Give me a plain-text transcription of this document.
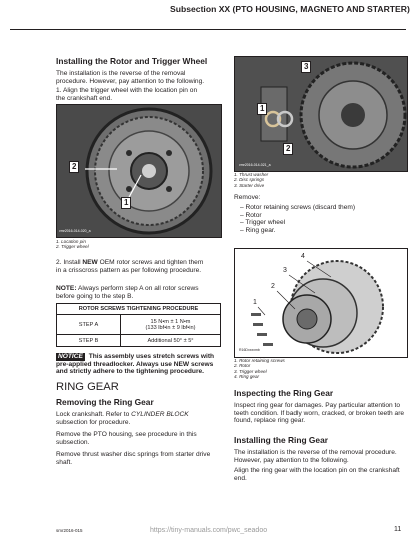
Subsection XX (PTO HOUSING, MAGNETO AND STARTER)
Installing the Rotor and Trigger Wheel

The installation is the reverse of the removal procedure. However, pay attention to the following.

1. Align the trigger wheel with the location pin on the crankshaft end.

2
1
vmr2016-014-020_a
1. Location pin
2. Trigger wheel

2. Install NEW OEM rotor screws and tighten them in a crisscross pattern as per following procedure.

NOTE: Always perform step A on all rotor screws before going to the step B.

ROTOR SCREWS TIGHTENING PROCEDURE	
STEP A	15 N•m ± 1 N•m
(133 lbf•in ± 9 lbf•in)

STEP B	Additional 50° ± 5°

NOTICE This assembly uses stretch screws with pre-applied threadlocker. Always use NEW screws and strictly adhere to the tightening procedure.

RING GEAR
Removing the Ring Gear

Lock crankshaft. Refer to CYLINDER BLOCK subsection for procedure.

Remove the PTO housing, see procedure in this subsection.

Remove thrust washer disc springs from starter drive shaft.

3
1
2
vmr2016-014-021_a
1. Thrust washer
2. Disc springs
3. Starter drive
Remove:
– Rotor retaining screws (discard them)
– Rotor
– Trigger wheel
– Ring gear.
1
2
3
4
R16Dxxxxmb
1. Rotor retaining screws
2. Rotor
3. Trigger wheel
4. Ring gear
Inspecting the Ring Gear

Inspect ring gear for damages. Pay particular attention to teeth condition. If badly worn, cracked, or broken teeth are found, replace ring gear.

Installing the Ring Gear

The installation is the reverse of the removal procedure. However, pay attention to the following.

Align the ring gear with the location pin on the crankshaft end.

smr2016-015	https://tiny-manuals.com/pwc_seadoo	11
